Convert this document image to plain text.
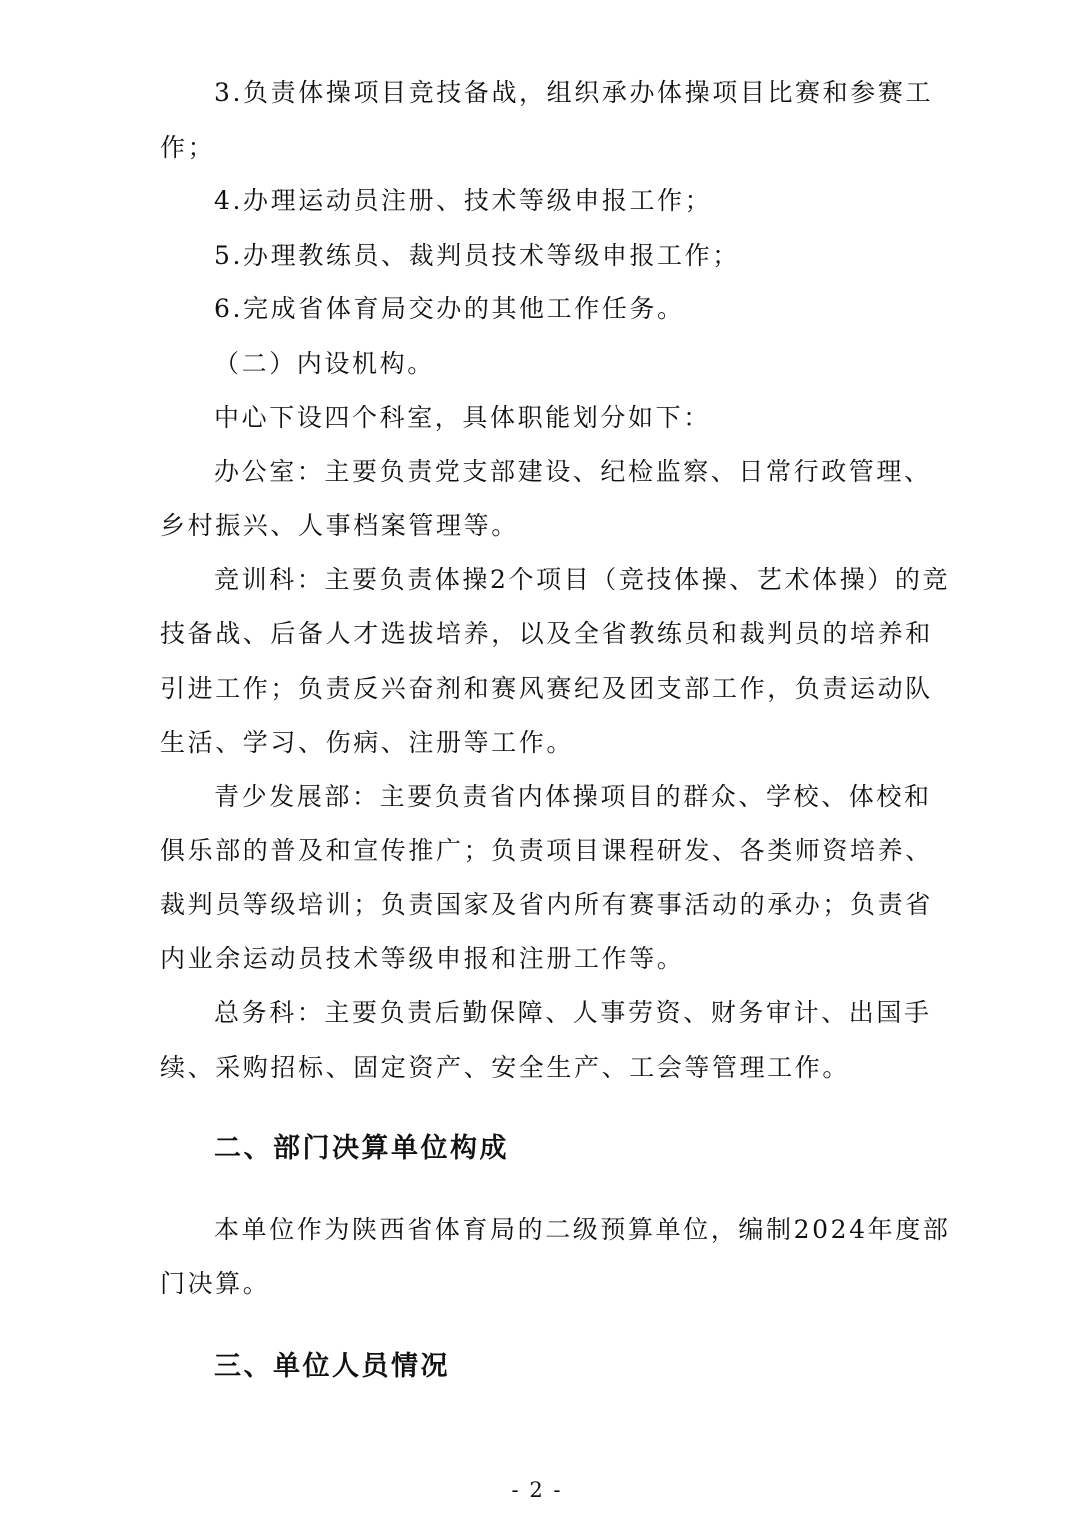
3.负责体操项目竞技备战，组织承办体操项目比赛和参赛工
作；
4.办理运动员注册、技术等级申报工作；
5.办理教练员、裁判员技术等级申报工作；
6.完成省体育局交办的其他工作任务。
（二）内设机构。
中心下设四个科室，具体职能划分如下：
办公室：主要负责党支部建设、纪检监察、日常行政管理、
乡村振兴、人事档案管理等。
竞训科：主要负责体操2个项目（竞技体操、艺术体操）的竞
技备战、后备人才选拔培养，以及全省教练员和裁判员的培养和
引进工作；负责反兴奋剂和赛风赛纪及团支部工作，负责运动队
生活、学习、伤病、注册等工作。
青少发展部：主要负责省内体操项目的群众、学校、体校和
俱乐部的普及和宣传推广；负责项目课程研发、各类师资培养、
裁判员等级培训；负责国家及省内所有赛事活动的承办；负责省
内业余运动员技术等级申报和注册工作等。
总务科：主要负责后勤保障、人事劳资、财务审计、出国手
续、采购招标、固定资产、安全生产、工会等管理工作。
二、部门决算单位构成
本单位作为陕西省体育局的二级预算单位，编制2024年度部
门决算。
三、单位人员情况
- 2 -
